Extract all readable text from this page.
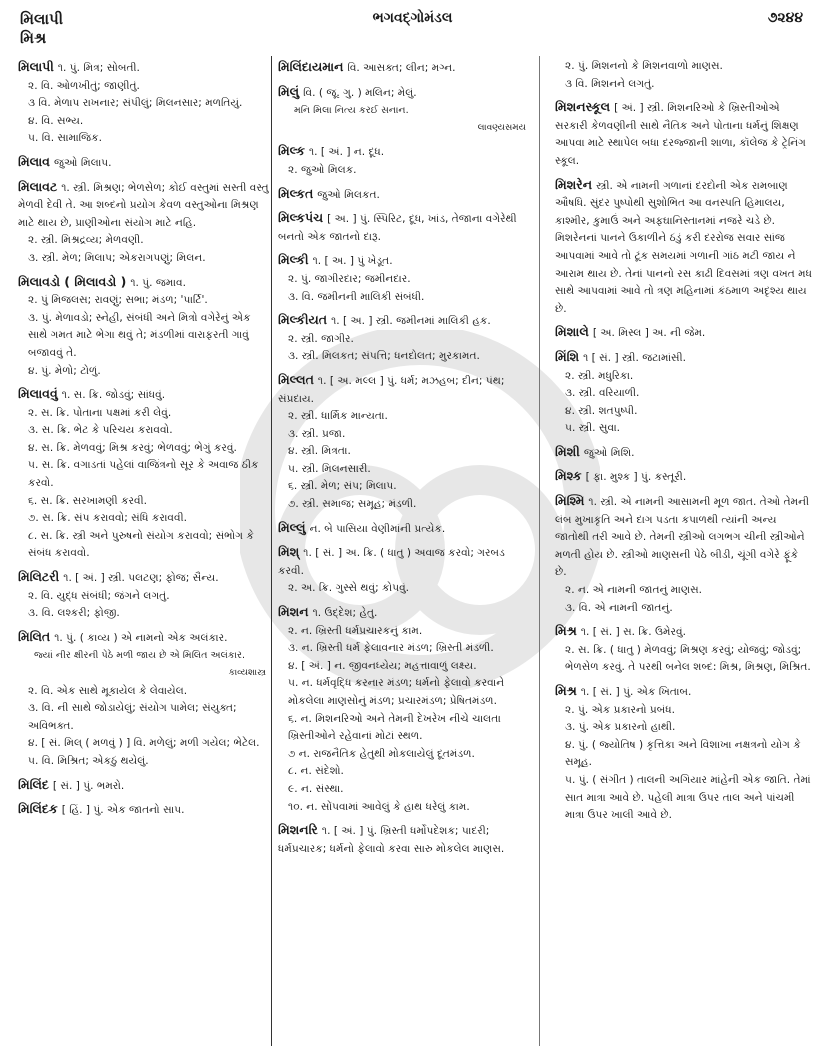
મિલાપી
મિશ્ર
ભગવદ્ગોમંડલ	૭૨૪૪
મિલાપી ૧. પું. મિત્ર; સોબતી.
૨. વિ. ઓળખીતું; જાણીતું.
૩ વિ. મેળાપ રાખનાર; સંપીલું; મિલનસાર; મળતિયું.
૪. વિ. સભ્ય.
૫. વિ. સામાજિક.
મિલાવ જુઓ મિલાપ.
મિલાવટ ૧. સ્ત્રી. મિશ્રણ; ભેળસેળ; કોઈ વસ્તુમાં સસ્તી વસ્તુ મેળવી દેવી તે. આ શબ્દનો પ્રયોગ કેવળ વસ્તુઓના મિશ્રણ માટે થાય છે, પ્રાણીઓના સંયોગ માટે નહિ.
૨. સ્ત્રી. મિશ્રદ્રવ્ય; મેળવણી.
૩. સ્ત્રી. મેળ; મિલાપ; એકરાગપણું; મિલન.
મિલાવડો ( મિલાવડો ) ૧. પું. જમાવ.
૨. પું મિજલસ; રાવણું; સભા; મંડળ; 'પાર્ટિ'.
૩. પું. મેળાવડો; સ્નેહી, સંબંધી અને મિત્રો વગેરેનું એક સાથે ગમત માટે ભેગા થવું તે; મંડળીમાં વારાફરતી ગાવું બજાવવું તે.
૪. પું. મેળો; ટોળું.
મિલાવવું ૧. સ. ક્રિ. જોડવું; સાંધવું.
૨. સ. ક્રિ. પોતાના પક્ષમાં કરી લેવું.
૩. સ. ક્રિ. ભેટ કે પરિચય કરાવવો.
૪. સ. ક્રિ. મેળવવું; મિશ્ર કરવું; ભેળવવું; ભેગું કરવું.
૫. સ. ક્રિ. વગાડતાં પહેલાં વાજિંત્રનો સૂર કે અવાજ ઠીક કરવો.
૬. સ. ક્રિ. સરખામણી કરવી.
૭. સ. ક્રિ. સંપ કરાવવો; સંધિ કરાવવી.
૮. સ. ક્રિ. સ્ત્રી અને પુરુષનો સંયોગ કરાવવો; સંભોગ કે સંબંધ કરાવવો.
મિલિટરી ૧. [ અં. ] સ્ત્રી. પલટણ; ફોજ; સૈન્ય.
૨. વિ. યુદ્ધ સંબંધી; જંગને લગતું.
૩. વિ. લશ્કરી; ફોજી.
મિલિત ૧. પું. ( કાવ્ય ) એ નામનો એક અલંકાર.
જ્યાં નીર ક્ષીરની પેઠે મળી જાય છે એ મિલિત અલંકાર.
કાવ્યશાસ્ત્ર
૨. વિ. એક સાથે મૂકાયેલ કે લેવાયેલ.
૩. વિ. ની સાથે જોડાયેલું; સંયોગ પામેલ; સંયુક્ત; અવિભક્ત.
૪. [ સં. મિલ્ ( મળવું ) ] વિ. મળેલું; મળી ગયેલ; ભેટેલ.
૫. વિ. મિશ્રિત; એકઠું થયેલું.
મિલિંદ [ સં. ] પું. ભમરો.
મિલિંદક [ હિં. ] પું. એક જાતનો સાપ.
મિલિંદાયમાન વિ. આસક્ત; લીન; મગ્ન.
મિલું વિ. ( જૂ. ગુ. ) મલિન; મેલું.
મનિ મિલા નિત્ય કરઈ સનાન.
લાવણ્યસમય
મિલ્ક ૧. [ અં. ] ન. દૂધ.
૨. જુઓ મિલક.
મિલ્કત જુઓ મિલકત.
મિલ્કપંચ [ અ. ] પું. સ્પિરિટ, દૂધ, ખાંડ, તેજાના વગેરેથી બનતો એક જાતનો દારૂ.
મિલ્કી ૧. [ અ. ] પું ખેડૂત.
૨. પું. જાગીરદાર; જમીનદાર.
૩. વિ. જમીનની માલિકી સંબંધી.
મિલ્કીયત ૧. [ અ. ] સ્ત્રી. જમીનમાં માલિકી હક.
૨. સ્ત્રી. જાગીર.
૩. સ્ત્રી. મિલકત; સંપત્તિ; ધનદોલત; મુરકામત.
મિલ્લત ૧. [ અ. મલ્લ ] પું. ધર્મ; મઝહબ; દીન; પંથ; સંપ્રદાય.
૨. સ્ત્રી. ધાર્મિક માન્યતા.
૩. સ્ત્રી. પ્રજા.
૪. સ્ત્રી. મિત્રતા.
૫. સ્ત્રી. મિલનસારી.
૬. સ્ત્રી. મેળ; સંપ; મિલાપ.
૭. સ્ત્રી. સમાજ; સમૂહ; મંડળી.
મિલ્લું ન. બે પાસિયા વેણીમાંની પ્રત્યેક.
મિશ્ ૧. [ સં. ] અ. ક્રિ. ( ધાતુ ) અવાજ કરવો; ગરબડ કરવી.
૨. અ. ક્રિ. ગુસ્સે થવું; કોપવું.
મિશન ૧. ઉદ્દેશ; હેતુ.
૨. ન. ખ્રિસ્તી ધર્મપ્રચારકનું કામ.
૩. ન. ખ્રિસ્તી ધર્મ ફેલાવનાર મંડળ; ખ્રિસ્તી મંડળી.
૪. [ અં. ] ન. જીવનધ્યેય; મહત્તાવાળું લક્ષ્ય.
૫. ન. ધર્મવૃદ્ધિ કરનાર મંડળ; ધર્મનો ફેલાવો કરવાને મોકલેલા માણસોનું મંડળ; પ્રચારમંડળ; પ્રેષિતમંડળ.
૬. ન. મિશનરિઓ અને તેમની દેખરેખ નીચે ચાલતા ખ્રિસ્તીઓને રહેવાનાં મોટાં સ્થળ.
૭ ન. રાજનૈતિક હેતુથી મોકલાયેલું દૂતમંડળ.
૮. ન. સંદેશો.
૯. ન. સંસ્થા.
૧૦. ન. સોંપવામાં આવેલું કે હાથ ધરેલું કામ.
મિશનરિ ૧. [ અં. ] પું. ખ્રિસ્તી ધર્મોપદેશક; પાદરી; ધર્મપ્રચારક; ધર્મનો ફેલાવો કરવા સારુ મોકલેલ માણસ.
૨. પું. મિશનનો કે મિશનવાળો માણસ.
૩ વિ. મિશનને લગતું.
મિશનસ્કૂલ [ અં. ] સ્ત્રી. મિશનરિઓ કે ખ્રિસ્તીઓએ સરકારી કેળવણીની સાથે નૈતિક અને પોતાના ધર્મનું શિક્ષણ આપવા માટે સ્થાપેલ બધા દરજ્જાની શાળા, કૉલેજ કે ટ્રેનિંગ સ્કૂલ.
મિશરેન સ્ત્રી. એ નામની ગળાનાં દરદોની એક રામબાણ ઔષધિ. સુંદર પુષ્પોથી સુશોભિત આ વનસ્પતિ હિમાલય, કાશ્મીર, કુમાઉં અને અફઘાનિસ્તાનમાં નજરે ચડે છે. મિશરેનનાં પાનને ઉકાળીને ઠંડું કરી દરરોજ સવાર સાંજ આપવામાં આવે તો ટૂંક સમયમાં ગળાની ગાંઠ મટી જાય ને આરામ થાય છે. તેનાં પાનનો રસ કાઢી દિવસમાં ત્રણ વખત મધ સાથે આપવામાં આવે તો ત્રણ મહિનામાં કંઠમાળ અદૃશ્ય થાય છે.
મિશાલે [ અ. મિસ્લ ] અ. ની જેમ.
મિંશિ ૧ [ સં. ] સ્ત્રી. જટામાંસી.
૨. સ્ત્રી. મધુરિકા.
૩. સ્ત્રી. વરિયાળી.
૪. સ્ત્રી. શતપુષ્પી.
૫. સ્ત્રી. સુવા.
મિશી જુઓ મિશિ.
મિશ્ક [ ફા. મુશ્ક ] પું. કસ્તૂરી.
મિશ્મિ ૧. સ્ત્રી. એ નામની આસામની મૂળ જાત. તેઓ તેમની લંબ મુખાકૃતિ અને દાગ પડતા કપાળથી ત્યાંની અન્ય જાતોથી તરી આવે છે. તેમની સ્ત્રીઓ લગભગ ચીની સ્ત્રીઓને મળતી હોય છે. સ્ત્રીઓ માણસની પેઠે બીડી, ચૂંગી વગેરે ફૂંકે છે.
૨. ન. એ નામની જાતનું માણસ.
૩. વિ. એ નામની જાતનું.
મિશ્ર ૧. [ સં. ] સ. ક્રિ. ઉમેરવું.
૨. સ. ક્રિ. ( ધાતુ ) મેળવવું; મિશ્રણ કરવું; યોજવું; જોડવું; ભેળસેળ કરવું. તે પરથી બનેલ શબ્દ: મિશ્ર, મિશ્રણ, મિશ્રિત.
મિશ્ર ૧. [ સં. ] પું. એક ખિતાબ.
૨. પું. એક પ્રકારનો પ્રબંધ.
૩. પું. એક પ્રકારનો હાથી.
૪. પું. ( જ્યોતિષ ) કૃત્તિકા અને વિશાખા નક્ષત્રનો યોગ કે સમૂહ.
૫. પું. ( સંગીત ) તાલની અગિયાર માંહેની એક જાતિ. તેમાં સાત માત્રા આવે છે. પહેલી માત્રા ઉપર તાલ અને પાંચમી માત્રા ઉપર ખાલી આવે છે.
